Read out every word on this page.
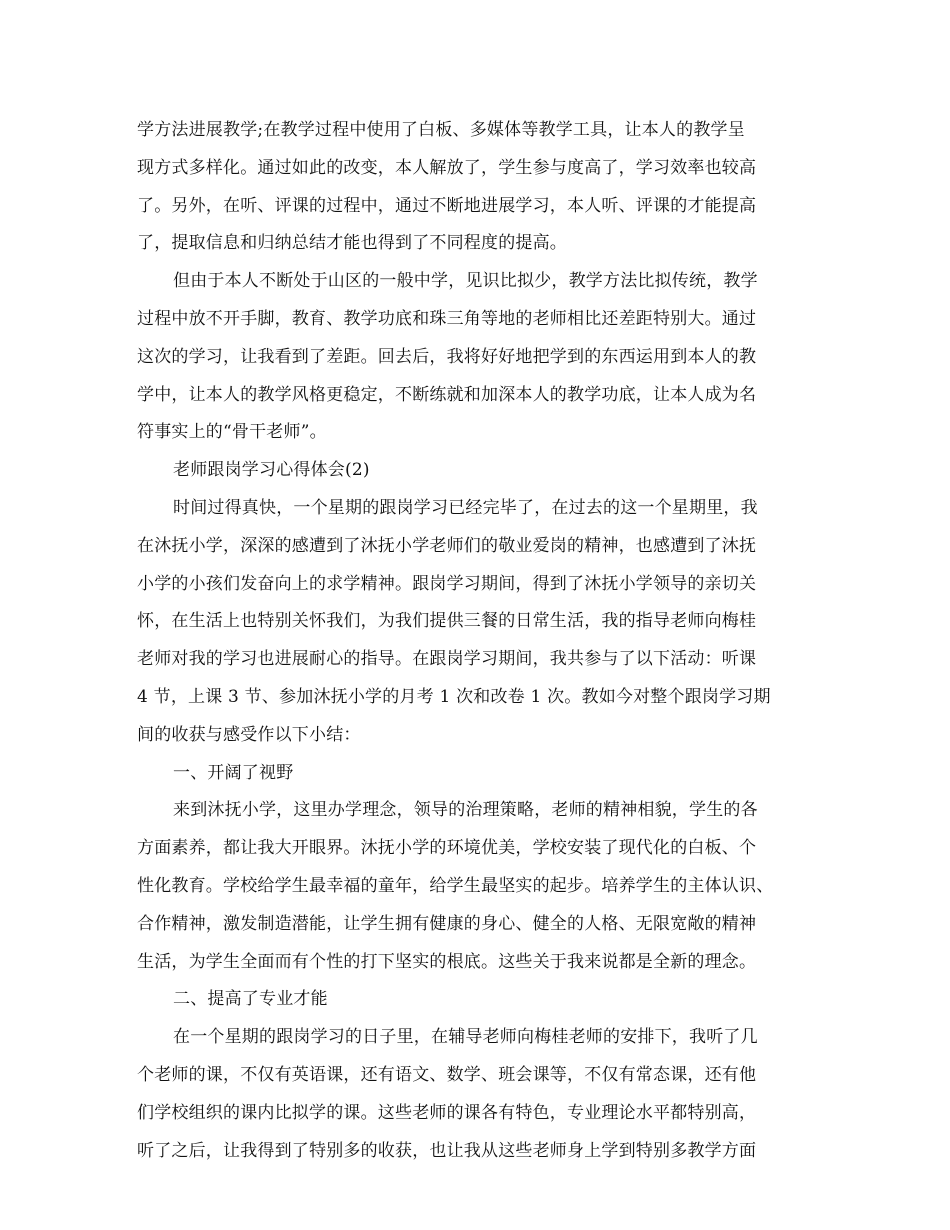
学方法进展教学;在教学过程中使用了白板、多媒体等教学工具，让本人的教学呈
现方式多样化。通过如此的改变，本人解放了，学生参与度高了，学习效率也较高
了。另外，在听、评课的过程中，通过不断地进展学习，本人听、评课的才能提高
了，提取信息和归纳总结才能也得到了不同程度的提高。
但由于本人不断处于山区的一般中学，见识比拟少，教学方法比拟传统，教学
过程中放不开手脚，教育、教学功底和珠三角等地的老师相比还差距特别大。通过
这次的学习，让我看到了差距。回去后，我将好好地把学到的东西运用到本人的教
学中，让本人的教学风格更稳定，不断练就和加深本人的教学功底，让本人成为名
符事实上的“骨干老师”。
老师跟岗学习心得体会(2)
时间过得真快，一个星期的跟岗学习已经完毕了，在过去的这一个星期里，我
在沐抚小学，深深的感遭到了沐抚小学老师们的敬业爱岗的精神，也感遭到了沐抚
小学的小孩们发奋向上的求学精神。跟岗学习期间，得到了沐抚小学领导的亲切关
怀，在生活上也特别关怀我们，为我们提供三餐的日常生活，我的指导老师向梅桂
老师对我的学习也进展耐心的指导。在跟岗学习期间，我共参与了以下活动：听课
4 节，上课 3 节、参加沐抚小学的月考 1 次和改卷 1 次。教如今对整个跟岗学习期
间的收获与感受作以下小结：
一、开阔了视野
来到沐抚小学，这里办学理念，领导的治理策略，老师的精神相貌，学生的各
方面素养，都让我大开眼界。沐抚小学的环境优美，学校安装了现代化的白板、个
性化教育。学校给学生最幸福的童年，给学生最坚实的起步。培养学生的主体认识、
合作精神，激发制造潜能，让学生拥有健康的身心、健全的人格、无限宽敞的精神
生活，为学生全面而有个性的打下坚实的根底。这些关于我来说都是全新的理念。
二、提高了专业才能
在一个星期的跟岗学习的日子里，在辅导老师向梅桂老师的安排下，我听了几
个老师的课，不仅有英语课，还有语文、数学、班会课等，不仅有常态课，还有他
们学校组织的课内比拟学的课。这些老师的课各有特色，专业理论水平都特别高，
听了之后，让我得到了特别多的收获，也让我从这些老师身上学到特别多教学方面
